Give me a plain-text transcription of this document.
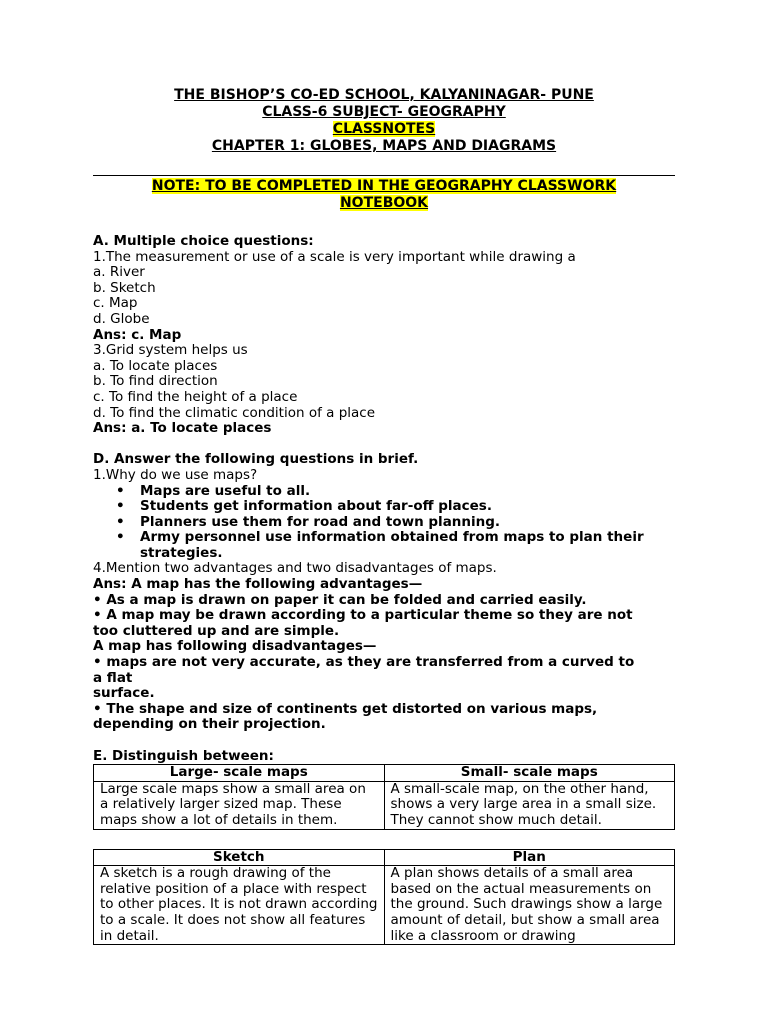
THE BISHOP’S CO-ED SCHOOL, KALYANINAGAR- PUNE
CLASS-6 SUBJECT- GEOGRAPHY
CLASSNOTES
CHAPTER 1: GLOBES, MAPS AND DIAGRAMS
NOTE: TO BE COMPLETED IN THE GEOGRAPHY CLASSWORK
NOTEBOOK
A. Multiple choice questions:
1.The measurement or use of a scale is very important while drawing a
a. River
b. Sketch
c. Map
d. Globe
Ans: c. Map
3.Grid system helps us
a. To locate places
b. To find direction
c. To find the height of a place
d. To find the climatic condition of a place
Ans: a. To locate places
D. Answer the following questions in brief.
1.Why do we use maps?
• Maps are useful to all.
• Students get information about far-off places.
• Planners use them for road and town planning.
• Army personnel use information obtained from maps to plan their
strategies.
4.Mention two advantages and two disadvantages of maps.
Ans: A map has the following advantages—
• As a map is drawn on paper it can be folded and carried easily.
• A map may be drawn according to a particular theme so they are not
too cluttered up and are simple.
A map has following disadvantages—
• maps are not very accurate, as they are transferred from a curved to
a flat
surface.
• The shape and size of continents get distorted on various maps,
depending on their projection.
E. Distinguish between:
Large- scale maps	Small- scale maps
Large scale maps show a small area on a relatively larger sized map. These maps show a lot of details in them.	A small-scale map, on the other hand, shows a very large area in a small size. They cannot show much detail.
Sketch	Plan
A sketch is a rough drawing of the relative position of a place with respect to other places. It is not drawn according to a scale. It does not show all features in detail.	A plan shows details of a small area based on the actual measurements on the ground. Such drawings show a large amount of detail, but show a small area like a classroom or drawing
